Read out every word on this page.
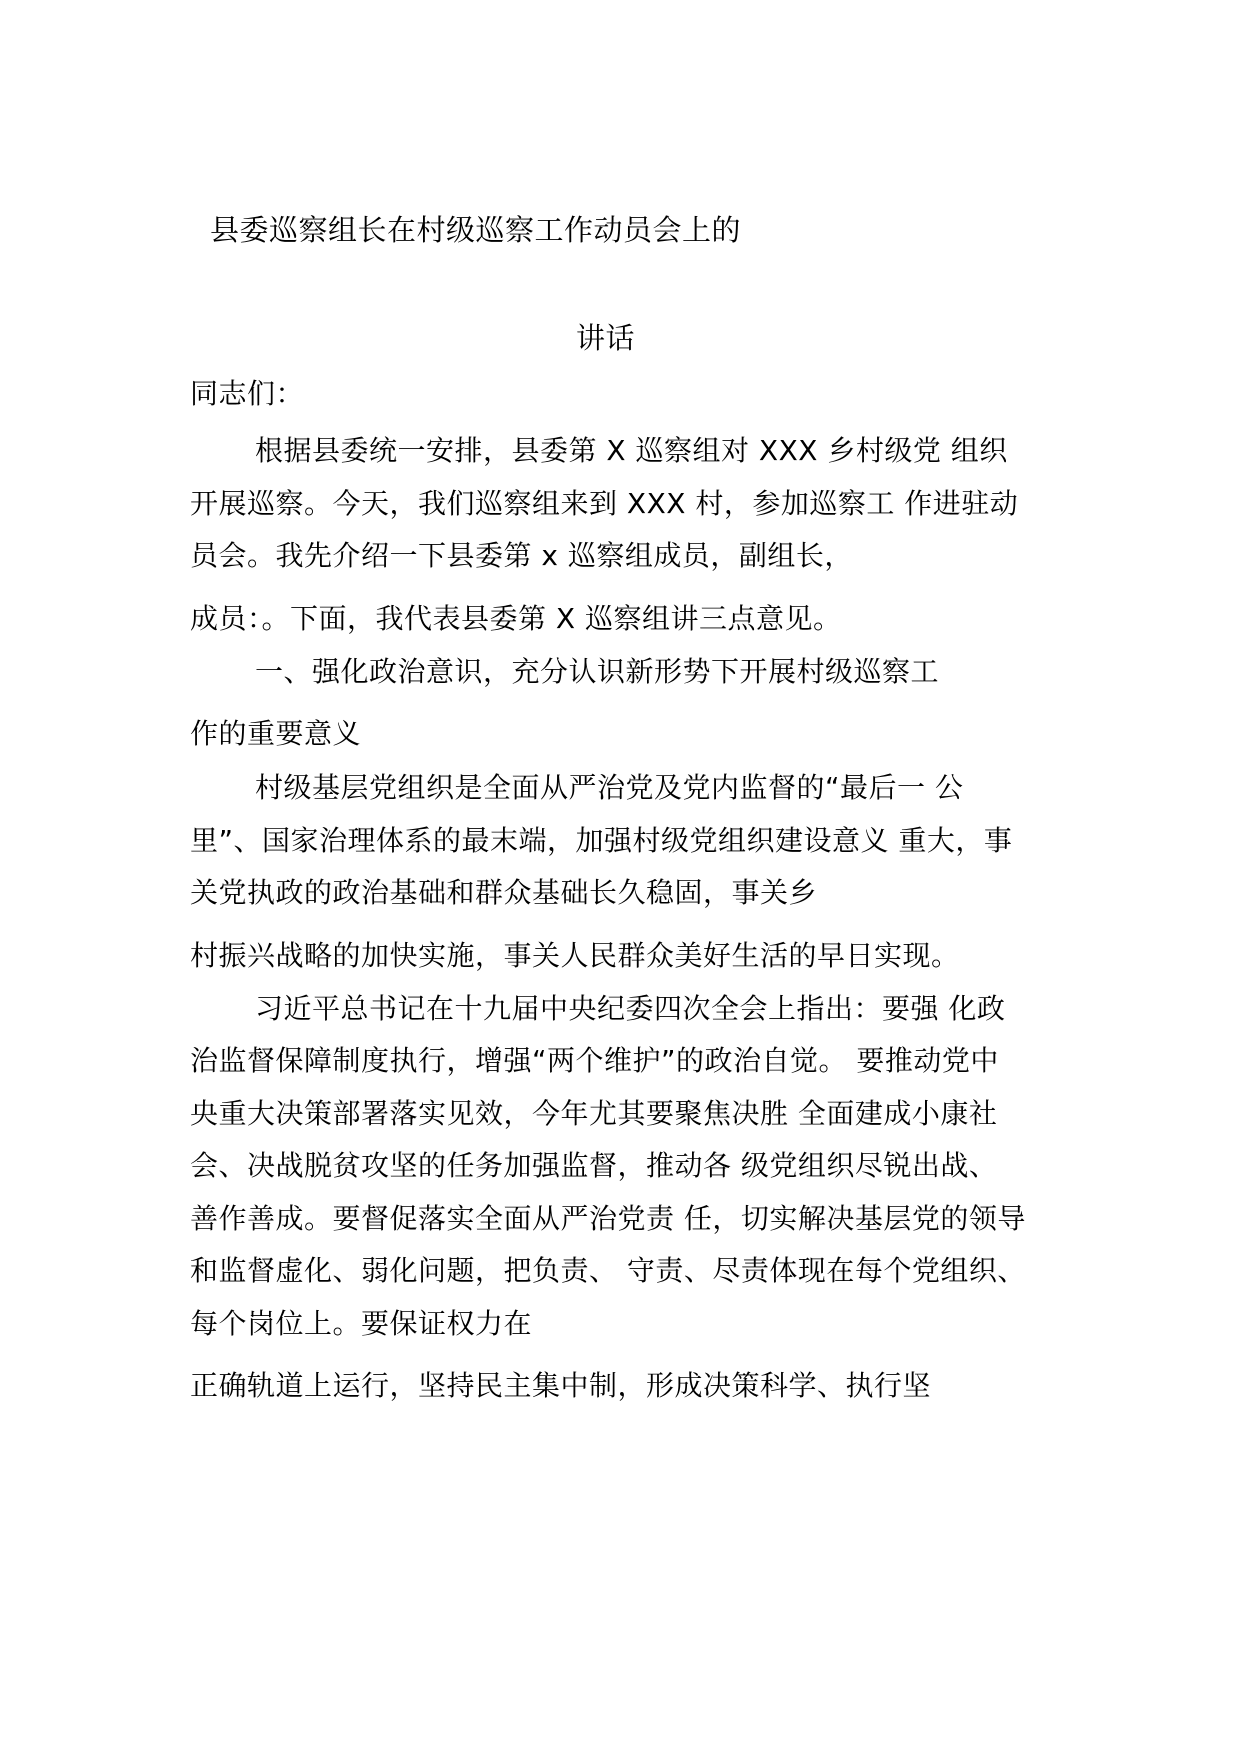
县委巡察组长在村级巡察工作动员会上的
讲话
同志们：
根据县委统一安排，县委第 X 巡察组对 XXX 乡村级党 组织
开展巡察。今天，我们巡察组来到 XXX 村，参加巡察工 作进驻动
员会。我先介绍一下县委第 x 巡察组成员，副组长，
成员：。下面，我代表县委第 X 巡察组讲三点意见。
一、强化政治意识，充分认识新形势下开展村级巡察工
作的重要意义
村级基层党组织是全面从严治党及党内监督的“最后一 公
里”、国家治理体系的最末端，加强村级党组织建设意义 重大，事
关党执政的政治基础和群众基础长久稳固，事关乡
村振兴战略的加快实施，事关人民群众美好生活的早日实现。
习近平总书记在十九届中央纪委四次全会上指出：要强 化政
治监督保障制度执行，增强“两个维护”的政治自觉。 要推动党中
央重大决策部署落实见效，今年尤其要聚焦决胜 全面建成小康社
会、决战脱贫攻坚的任务加强监督，推动各 级党组织尽锐出战、
善作善成。要督促落实全面从严治党责 任，切实解决基层党的领导
和监督虚化、弱化问题，把负责、 守责、尽责体现在每个党组织、
每个岗位上。要保证权力在
正确轨道上运行，坚持民主集中制，形成决策科学、执行坚
